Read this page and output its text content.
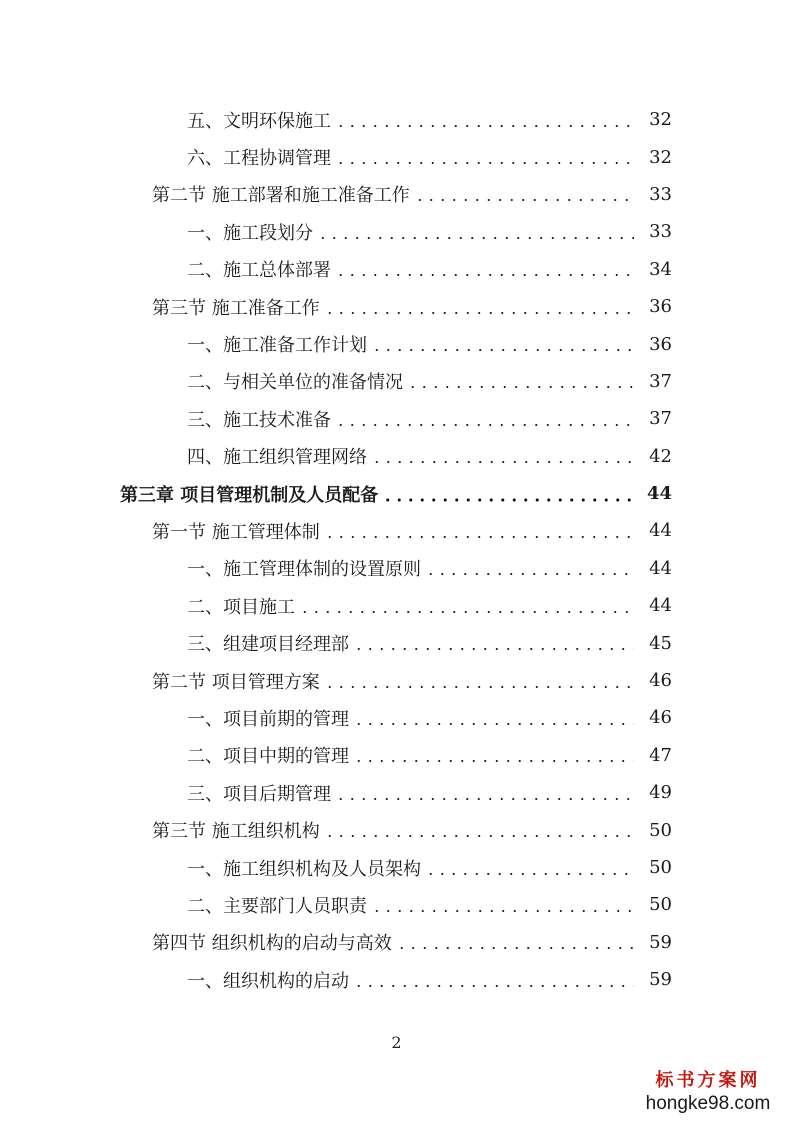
五、文明环保施工	32
六、工程协调管理	32
第二节 施工部署和施工准备工作	33
一、施工段划分	33
二、施工总体部署	34
第三节 施工准备工作	36
一、施工准备工作计划	36
二、与相关单位的准备情况	37
三、施工技术准备	37
四、施工组织管理网络	42
第三章 项目管理机制及人员配备	44
第一节 施工管理体制	44
一、施工管理体制的设置原则	44
二、项目施工	44
三、组建项目经理部	45
第二节 项目管理方案	46
一、项目前期的管理	46
二、项目中期的管理	47
三、项目后期管理	49
第三节 施工组织机构	50
一、施工组织机构及人员架构	50
二、主要部门人员职责	50
第四节 组织机构的启动与高效	59
一、组织机构的启动	59
2
标书方案网
hongke98.com
